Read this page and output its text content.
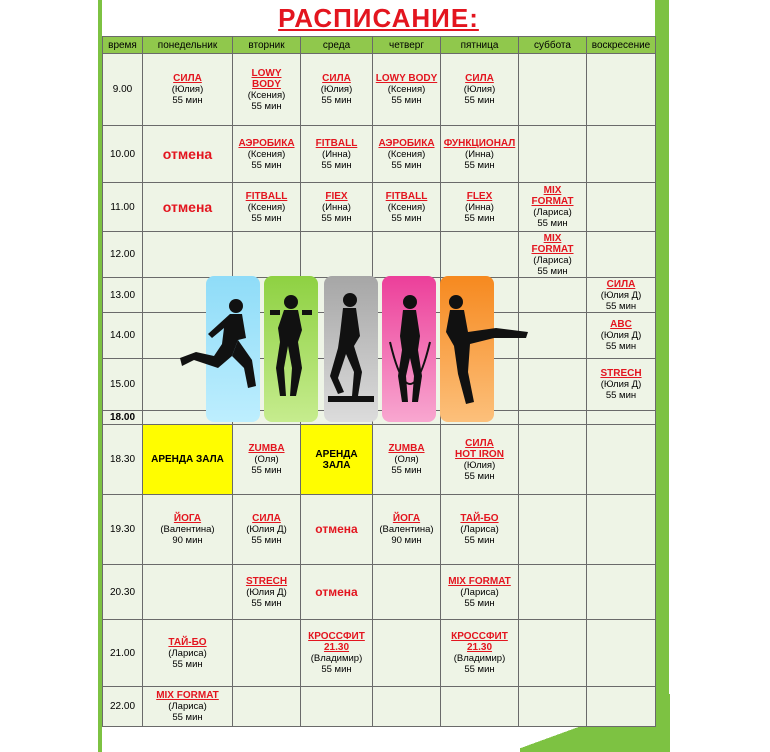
РАСПИСАНИЕ:
время	понедельник	вторник	среда	четверг	пятница	суббота	воскресение
9.00	СИЛА
(Юлия)
55 мин	LOWY
BODY
(Ксения)
55 мин	СИЛА
(Юлия)
55 мин	LOWY BODY
(Ксения)
55 мин	СИЛА
(Юлия)
55 мин		

10.00	отмена	АЭРОБИКА
(Ксения)
55 мин	FITBALL
(Инна)
55 мин	АЭРОБИКА
(Ксения)
55 мин	ФУНКЦИОНАЛ
(Инна)
55 мин		

11.00	отмена	FITBALL
(Ксения)
55 мин	FIEX
(Инна)
55 мин	FITBALL
(Ксения)
55 мин	FLEX
(Инна)
55 мин	MIX
FORMAT
(Лариса)
55 мин	

12.00						MIX
FORMAT
(Лариса)
55 мин	

13.00							СИЛА
(Юлия Д)
55 мин

14.00							ABC
(Юлия Д)
55 мин

15.00							STRECH
(Юлия Д)
55 мин

18.00							
18.30	АРЕНДА ЗАЛА	ZUMBA
(Оля)
55 мин	АРЕНДА ЗАЛА	ZUMBA
(Оля)
55 мин	СИЛА
HOT IRON
(Юлия)
55 мин		

19.30	ЙОГА
(Валентина)
90 мин	СИЛА
(Юлия Д)
55 мин	отмена	ЙОГА
(Валентина)
90 мин	ТАЙ-БО
(Лариса)
55 мин		

20.30		STRECH
(Юлия Д)
55 мин	отмена		MIX FORMAT
(Лариса)
55 мин		

21.00	ТАЙ-БО
(Лариса)
55 мин		КРОССФИТ
21.30
(Владимир)
55 мин		КРОССФИТ
21.30
(Владимир)
55 мин		

22.00	MIX FORMAT
(Лариса)
55 мин						
